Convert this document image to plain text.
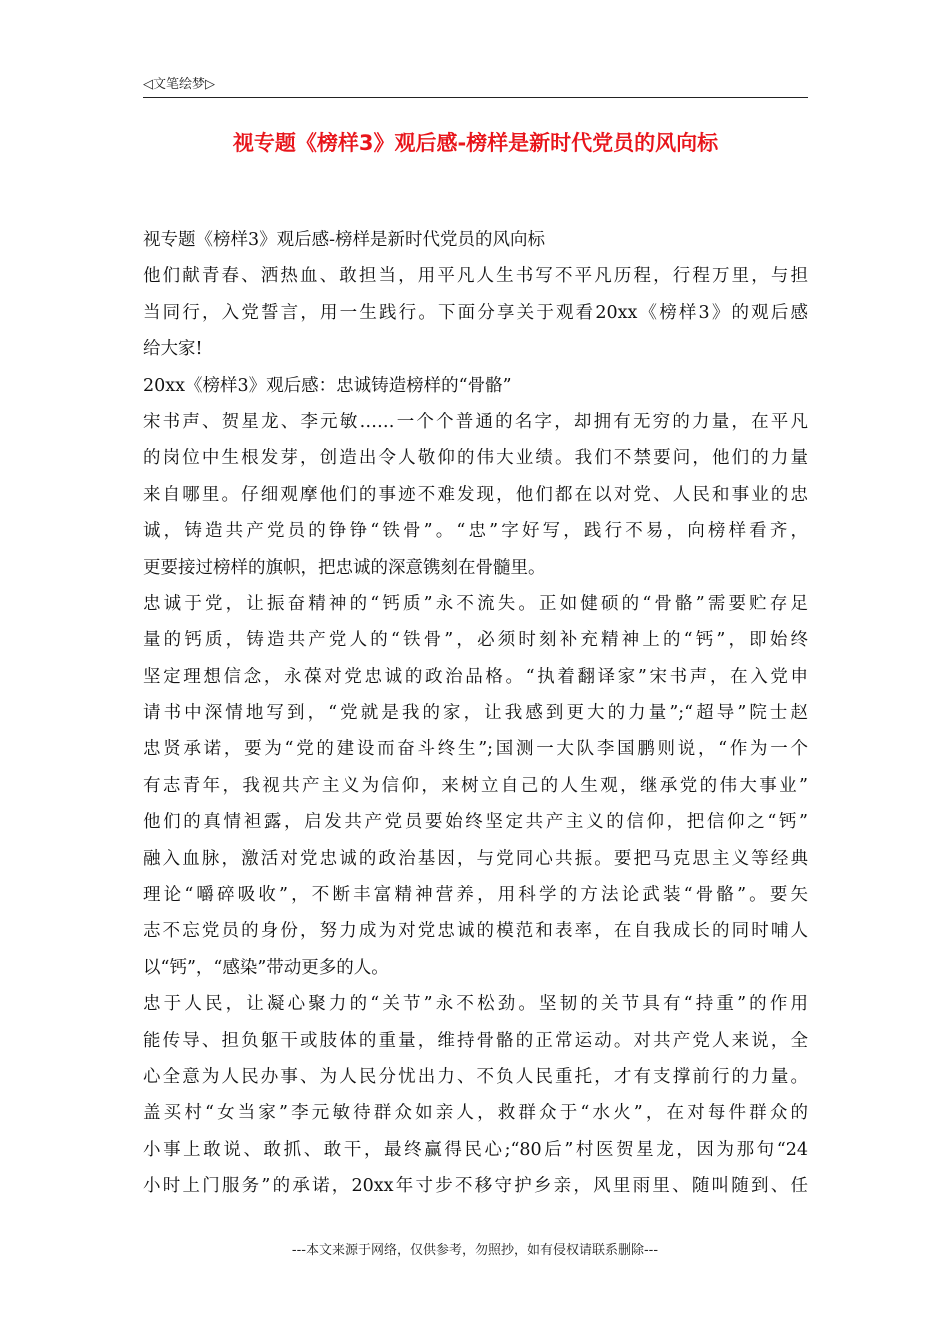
◁文笔绘梦▷
视专题《榜样3》观后感-榜样是新时代党员的风向标
视专题《榜样3》观后感-榜样是新时代党员的风向标
他们献青春、洒热血、敢担当，用平凡人生书写不平凡历程，行程万里，与担
当同行，入党誓言，用一生践行。下面分享关于观看20xx《榜样3》的观后感
给大家!
20xx《榜样3》观后感：忠诚铸造榜样的“骨骼”
宋书声、贺星龙、李元敏……一个个普通的名字，却拥有无穷的力量，在平凡
的岗位中生根发芽，创造出令人敬仰的伟大业绩。我们不禁要问，他们的力量
来自哪里。仔细观摩他们的事迹不难发现，他们都在以对党、人民和事业的忠
诚，铸造共产党员的铮铮“铁骨”。“忠”字好写，践行不易，向榜样看齐，
更要接过榜样的旗帜，把忠诚的深意镌刻在骨髓里。
忠诚于党，让振奋精神的“钙质”永不流失。正如健硕的“骨骼”需要贮存足
量的钙质，铸造共产党人的“铁骨”，必须时刻补充精神上的“钙”，即始终
坚定理想信念，永葆对党忠诚的政治品格。“执着翻译家”宋书声，在入党申
请书中深情地写到，“党就是我的家，让我感到更大的力量”;“超导”院士赵
忠贤承诺，要为“党的建设而奋斗终生”;国测一大队李国鹏则说，“作为一个
有志青年，我视共产主义为信仰，来树立自己的人生观，继承党的伟大事业”
他们的真情袒露，启发共产党员要始终坚定共产主义的信仰，把信仰之“钙”
融入血脉，激活对党忠诚的政治基因，与党同心共振。要把马克思主义等经典
理论“嚼碎吸收”，不断丰富精神营养，用科学的方法论武装“骨骼”。要矢
志不忘党员的身份，努力成为对党忠诚的模范和表率，在自我成长的同时哺人
以“钙”，“感染”带动更多的人。
忠于人民，让凝心聚力的“关节”永不松劲。坚韧的关节具有“持重”的作用
能传导、担负躯干或肢体的重量，维持骨骼的正常运动。对共产党人来说，全
心全意为人民办事、为人民分忧出力、不负人民重托，才有支撑前行的力量。
盖买村“女当家”李元敏待群众如亲人，救群众于“水火”，在对每件群众的
小事上敢说、敢抓、敢干，最终赢得民心;“80后”村医贺星龙，因为那句“24
小时上门服务”的承诺，20xx年寸步不移守护乡亲，风里雨里、随叫随到、任
---本文来源于网络，仅供参考，勿照抄，如有侵权请联系删除---
